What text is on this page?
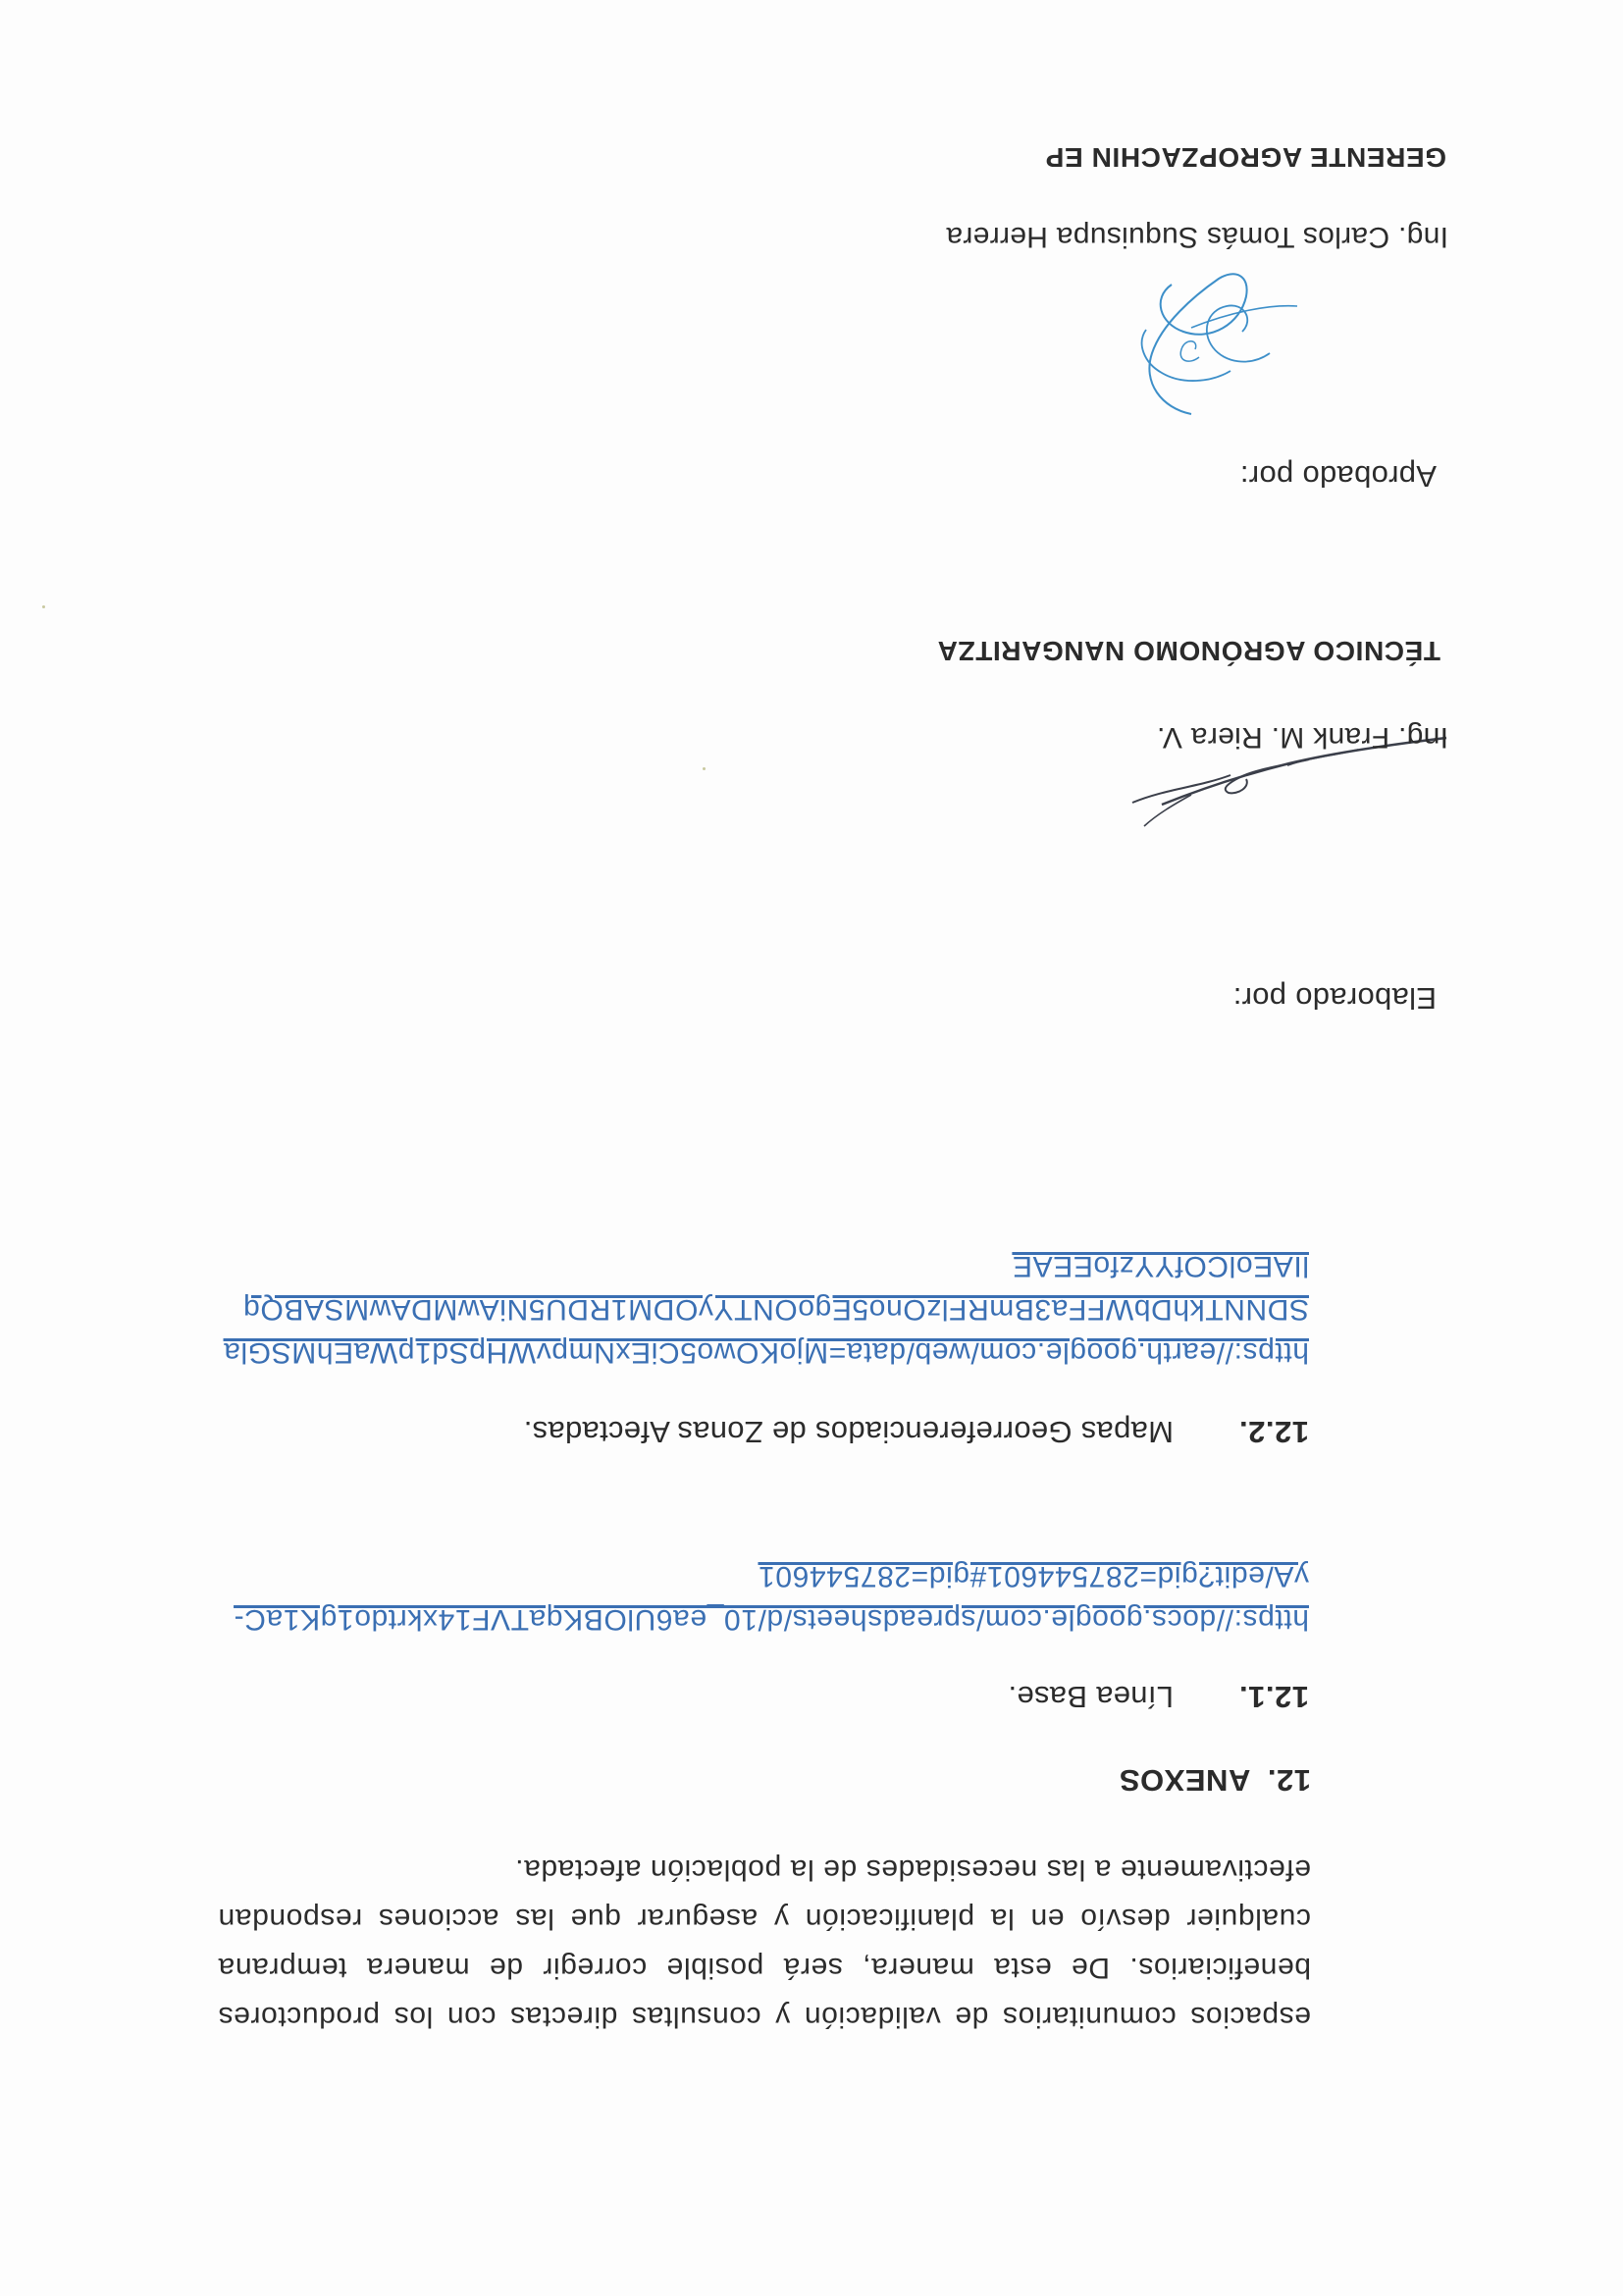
espacios comunitarios de validación y consultas directas con los productores beneficiarios. De esta manera, será posible corregir de manera temprana cualquier desvío en la planificación y asegurar que las acciones respondan efectivamente a las necesidades de la población afectada.
12.  ANEXOS
12.1.
Línea Base.
https://docs.google.com/spreadsheets/d/10_ea6UlOBKqaTVF14xkrtdo1gK1aC-
yA/edit?gid=287544601#gid=287544601
12.2.
Mapas Georreferenciados de Zonas Afectadas.
https://earth.google.com/web/data=MjoKOwo5CiExNmpvWHpSd1pWaEhMSGla
SDNNTkhDbWFFa3BmRFlzOno5EgoONTYyODM1RDU5NiAwMDAwMSABQq
lIAEolCOfYYzfoEEAE
Elaborado por:
Ing. Frank M. Riera V.
TÉCNICO AGRÓNOMO NANGARITZA
Aprobado por:
Ing. Carlos Tomás Suquisupa Herrera
GERENTE AGROPZACHIN EP
